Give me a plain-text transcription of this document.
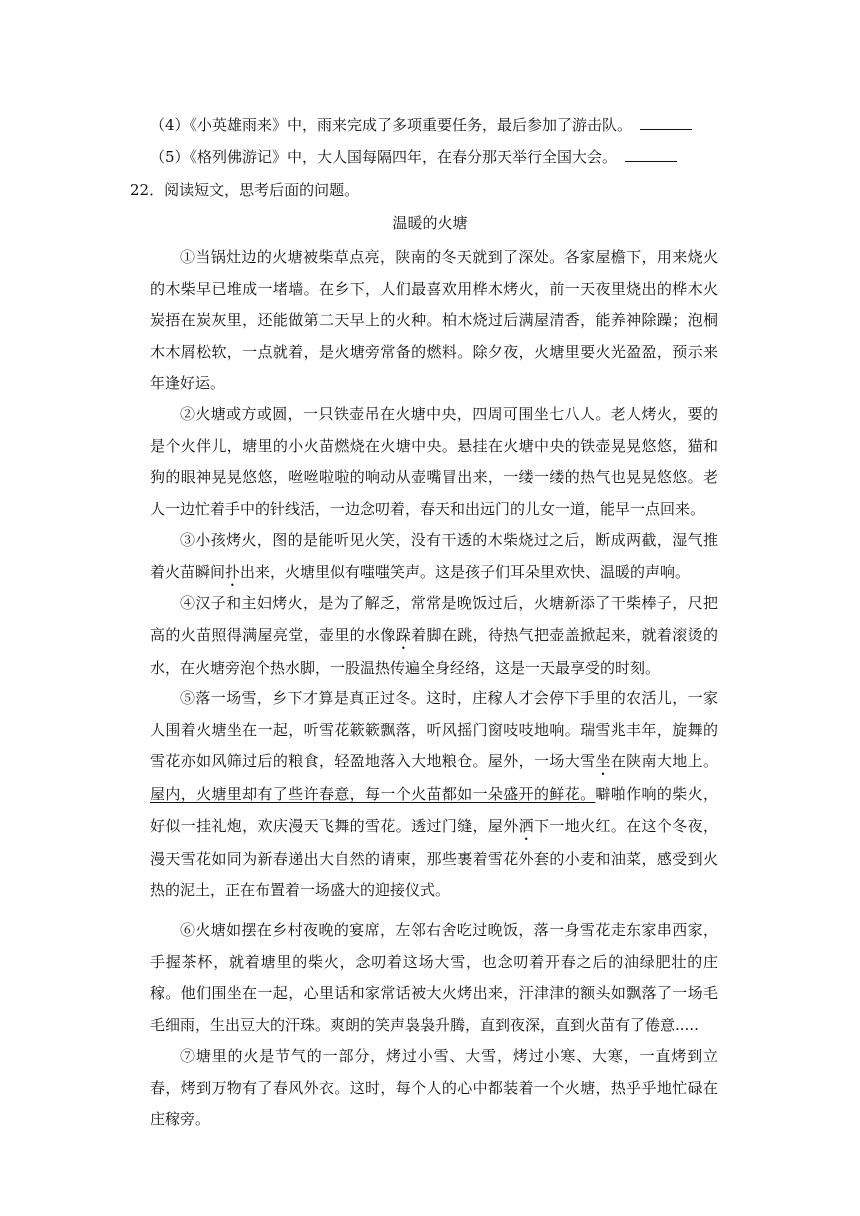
（4）《小英雄雨来》中，雨来完成了多项重要任务，最后参加了游击队。
（5）《格列佛游记》中，大人国每隔四年，在春分那天举行全国大会。
22．阅读短文，思考后面的问题。
温暖的火塘
①当锅灶边的火塘被柴草点亮，陕南的冬天就到了深处。各家屋檐下，用来烧火的木柴早已堆成一堵墙。在乡下，人们最喜欢用桦木烤火，前一天夜里烧出的桦木火炭捂在炭灰里，还能做第二天早上的火种。柏木烧过后满屋清香，能养神除躁；泡桐木木屑松软，一点就着，是火塘旁常备的燃料。除夕夜，火塘里要火光盈盈，预示来年逢好运。
②火塘或方或圆，一只铁壶吊在火塘中央，四周可围坐七八人。老人烤火，要的是个火伴儿，塘里的小火苗燃烧在火塘中央。悬挂在火塘中央的铁壶晃晃悠悠，猫和狗的眼神晃晃悠悠，咝咝啦啦的响动从壶嘴冒出来，一缕一缕的热气也晃晃悠悠。老人一边忙着手中的针线活，一边念叨着，春天和出远门的儿女一道，能早一点回来。
③小孩烤火，图的是能听见火笑，没有干透的木柴烧过之后，断成两截，湿气推着火苗瞬间扑出来，火塘里似有嗤嗤笑声。这是孩子们耳朵里欢快、温暖的声响。
④汉子和主妇烤火，是为了解乏，常常是晚饭过后，火塘新添了干柴棒子，尺把高的火苗照得满屋亮堂，壶里的水像跺着脚在跳，待热气把壶盖掀起来，就着滚烫的水，在火塘旁泡个热水脚，一股温热传遍全身经络，这是一天最享受的时刻。
⑤落一场雪，乡下才算是真正过冬。这时，庄稼人才会停下手里的农活儿，一家人围着火塘坐在一起，听雪花簌簌飘落，听风摇门窗吱吱地响。瑞雪兆丰年，旋舞的雪花亦如风筛过后的粮食，轻盈地落入大地粮仓。屋外，一场大雪坐在陕南大地上。屋内，火塘里却有了些许春意，每一个火苗都如一朵盛开的鲜花。噼啪作响的柴火，好似一挂礼炮，欢庆漫天飞舞的雪花。透过门缝，屋外洒下一地火红。在这个冬夜，漫天雪花如同为新春递出大自然的请柬，那些裹着雪花外套的小麦和油菜，感受到火热的泥土，正在布置着一场盛大的迎接仪式。
⑥火塘如摆在乡村夜晚的宴席，左邻右舍吃过晚饭，落一身雪花走东家串西家，手握茶杯，就着塘里的柴火，念叨着这场大雪，也念叨着开春之后的油绿肥壮的庄稼。他们围坐在一起，心里话和家常话被大火烤出来，汗津津的额头如飘落了一场毛毛细雨，生出豆大的汗珠。爽朗的笑声袅袅升腾，直到夜深，直到火苗有了倦意.....
⑦塘里的火是节气的一部分，烤过小雪、大雪，烤过小寒、大寒，一直烤到立春，烤到万物有了春风外衣。这时，每个人的心中都装着一个火塘，热乎乎地忙碌在庄稼旁。
